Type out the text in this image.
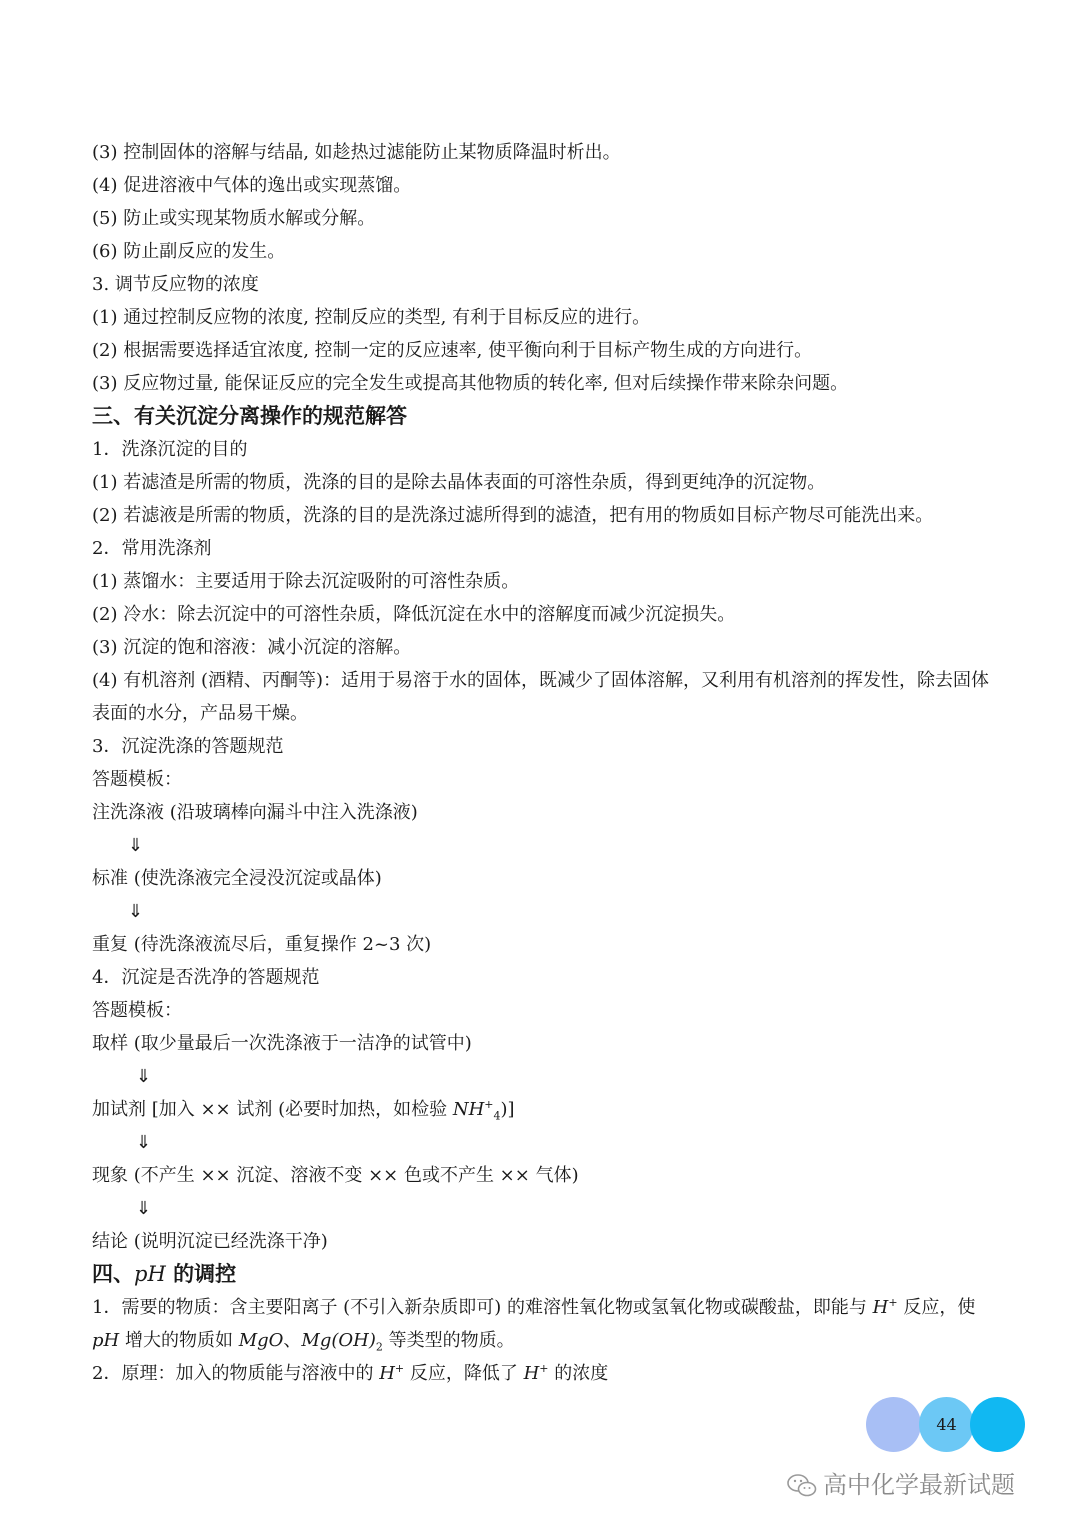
(3) 控制固体的溶解与结晶, 如趁热过滤能防止某物质降温时析出。
(4) 促进溶液中气体的逸出或实现蒸馏。
(5) 防止或实现某物质水解或分解。
(6) 防止副反应的发生。
3. 调节反应物的浓度
(1) 通过控制反应物的浓度, 控制反应的类型, 有利于目标反应的进行。
(2) 根据需要选择适宜浓度, 控制一定的反应速率, 使平衡向利于目标产物生成的方向进行。
(3) 反应物过量, 能保证反应的完全发生或提高其他物质的转化率, 但对后续操作带来除杂问题。
三、有关沉淀分离操作的规范解答
1．洗涤沉淀的目的
(1) 若滤渣是所需的物质，洗涤的目的是除去晶体表面的可溶性杂质，得到更纯净的沉淀物。
(2) 若滤液是所需的物质，洗涤的目的是洗涤过滤所得到的滤渣，把有用的物质如目标产物尽可能洗出来。
2．常用洗涤剂
(1) 蒸馏水：主要适用于除去沉淀吸附的可溶性杂质。
(2) 冷水：除去沉淀中的可溶性杂质，降低沉淀在水中的溶解度而减少沉淀损失。
(3) 沉淀的饱和溶液：减小沉淀的溶解。
(4) 有机溶剂 (酒精、丙酮等)：适用于易溶于水的固体，既减少了固体溶解，又利用有机溶剂的挥发性，除去固体表面的水分，产品易干燥。
3．沉淀洗涤的答题规范
答题模板：
注洗涤液 (沿玻璃棒向漏斗中注入洗涤液)
⇓
标准 (使洗涤液完全浸没沉淀或晶体)
⇓
重复 (待洗涤液流尽后，重复操作 2~3 次)
4．沉淀是否洗净的答题规范
答题模板：
取样 (取少量最后一次洗涤液于一洁净的试管中)
⇓
加试剂 [加入 ×× 试剂 (必要时加热，如检验 $NH^+_4$)]
⇓
现象 (不产生 ×× 沉淀、溶液不变 ×× 色或不产生 ×× 气体)
⇓
结论 (说明沉淀已经洗涤干净)
四、pH 的调控
1．需要的物质：含主要阳离子 (不引入新杂质即可) 的难溶性氧化物或氢氧化物或碳酸盐，即能与 H+ 反应，使
pH 增大的物质如 MgO、$Mg(OH)_2$ 等类型的物质。
2．原理：加入的物质能与溶液中的 H+ 反应，降低了 H+ 的浓度
44
高中化学最新试题
